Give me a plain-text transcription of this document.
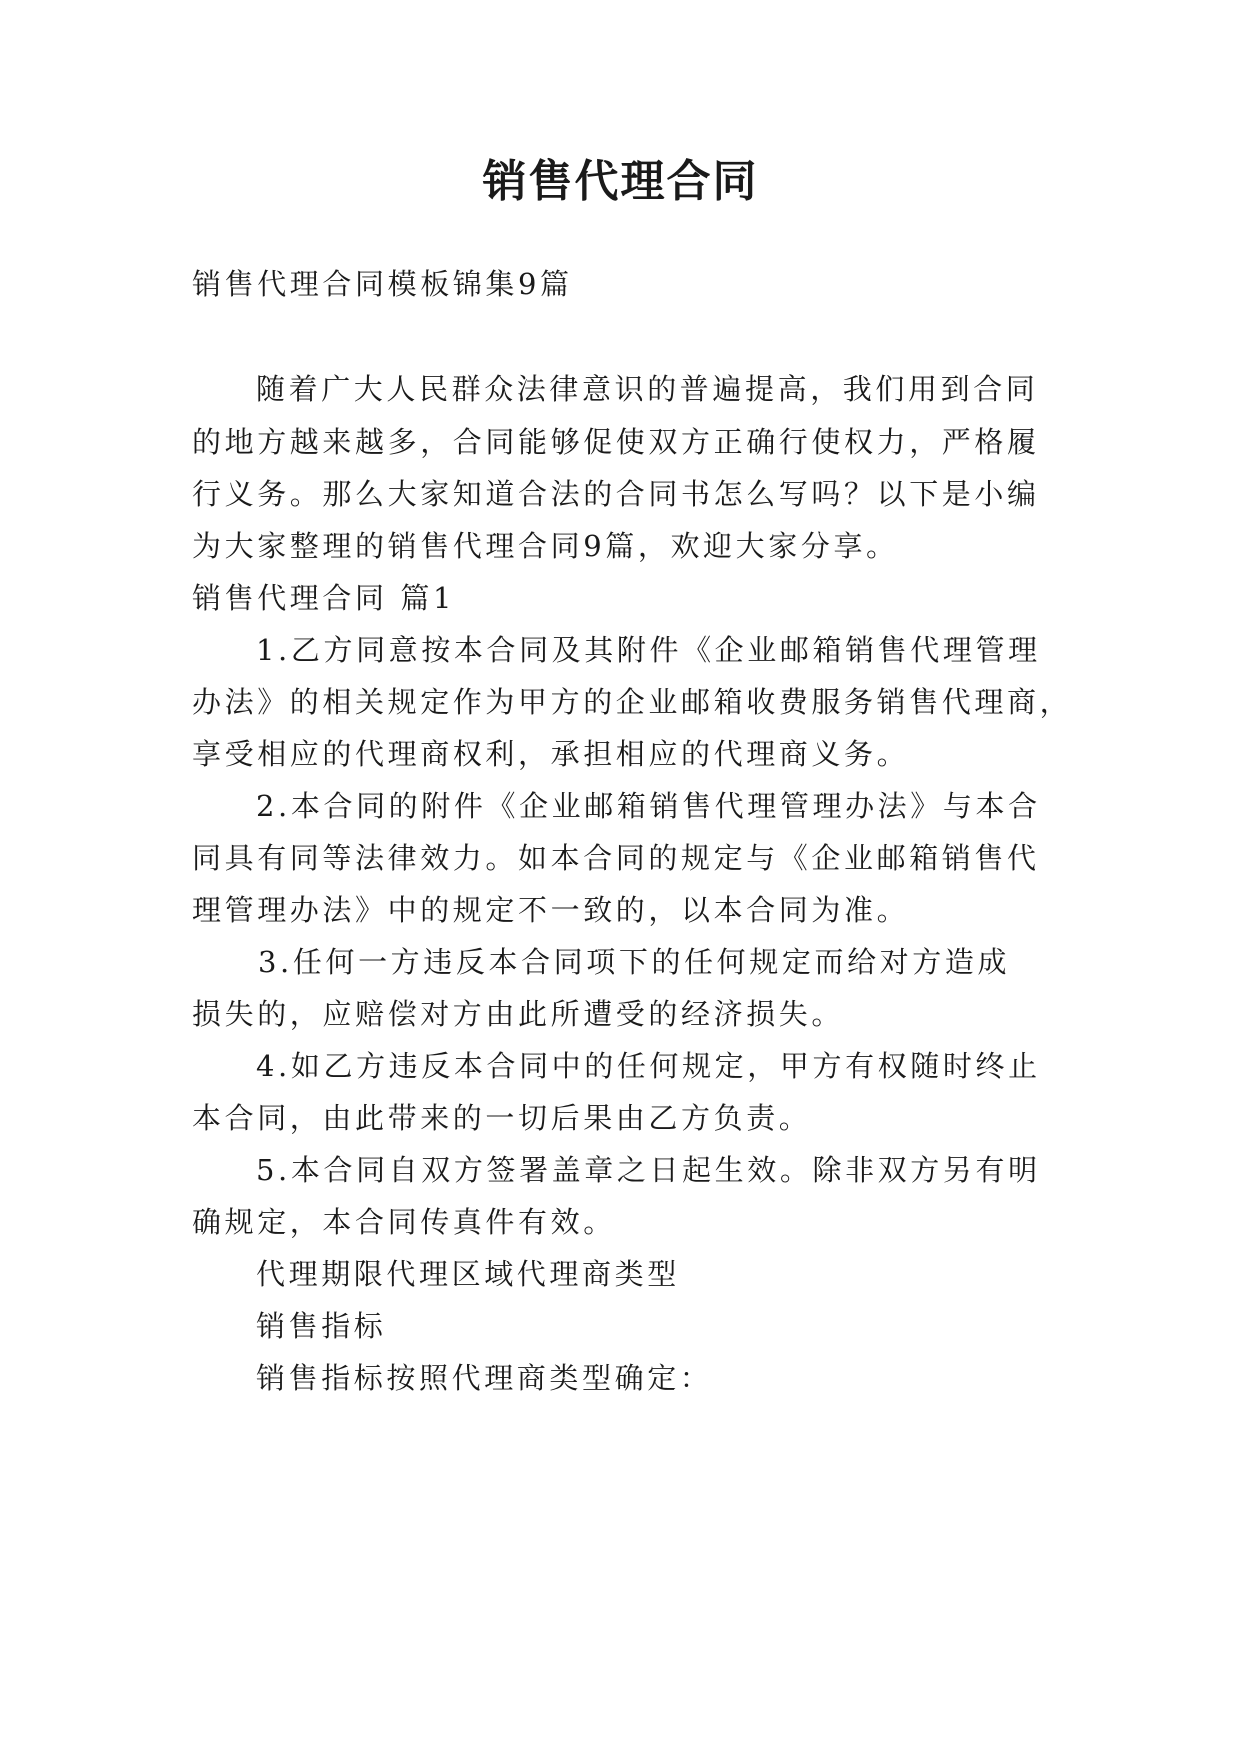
销售代理合同
销售代理合同模板锦集9篇
随着广大人民群众法律意识的普遍提高，我们用到合同
的地方越来越多，合同能够促使双方正确行使权力，严格履
行义务。那么大家知道合法的合同书怎么写吗？以下是小编
为大家整理的销售代理合同9篇，欢迎大家分享。
销售代理合同 篇1
1.乙方同意按本合同及其附件《企业邮箱销售代理管理
办法》的相关规定作为甲方的企业邮箱收费服务销售代理商，
享受相应的代理商权利，承担相应的代理商义务。
2.本合同的附件《企业邮箱销售代理管理办法》与本合
同具有同等法律效力。如本合同的规定与《企业邮箱销售代
理管理办法》中的规定不一致的，以本合同为准。
3.任何一方违反本合同项下的任何规定而给对方造成
损失的，应赔偿对方由此所遭受的经济损失。
4.如乙方违反本合同中的任何规定，甲方有权随时终止
本合同，由此带来的一切后果由乙方负责。
5.本合同自双方签署盖章之日起生效。除非双方另有明
确规定，本合同传真件有效。
代理期限代理区域代理商类型
销售指标
销售指标按照代理商类型确定：
